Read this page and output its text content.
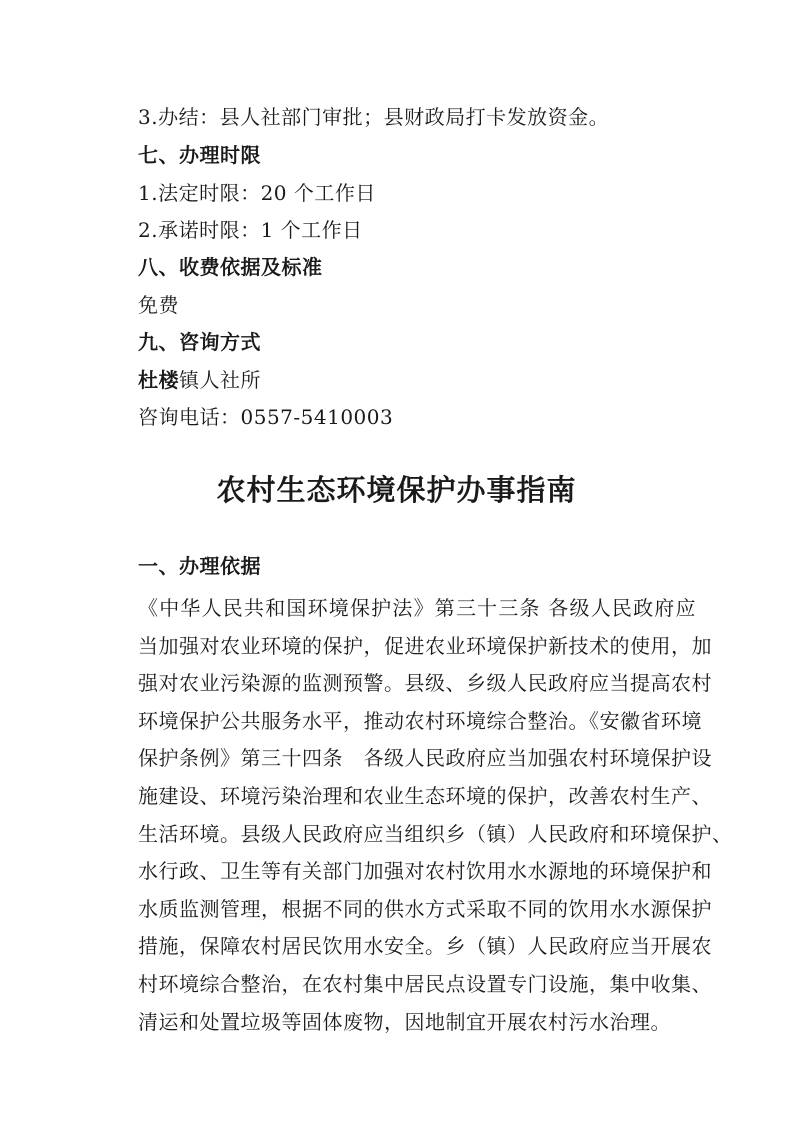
3.办结：县人社部门审批；县财政局打卡发放资金。
七、办理时限
1.法定时限：20 个工作日
2.承诺时限：1 个工作日
八、收费依据及标准
免费
九、咨询方式
杜楼镇人社所
咨询电话：0557-5410003
农村生态环境保护办事指南
一、办理依据
《中华人民共和国环境保护法》第三十三条 各级人民政府应
当加强对农业环境的保护，促进农业环境保护新技术的使用，加
强对农业污染源的监测预警。县级、乡级人民政府应当提高农村
环境保护公共服务水平，推动农村环境综合整治。《安徽省环境
保护条例》第三十四条　各级人民政府应当加强农村环境保护设
施建设、环境污染治理和农业生态环境的保护，改善农村生产、
生活环境。县级人民政府应当组织乡（镇）人民政府和环境保护、
水行政、卫生等有关部门加强对农村饮用水水源地的环境保护和
水质监测管理，根据不同的供水方式采取不同的饮用水水源保护
措施，保障农村居民饮用水安全。乡（镇）人民政府应当开展农
村环境综合整治，在农村集中居民点设置专门设施，集中收集、
清运和处置垃圾等固体废物，因地制宜开展农村污水治理。
